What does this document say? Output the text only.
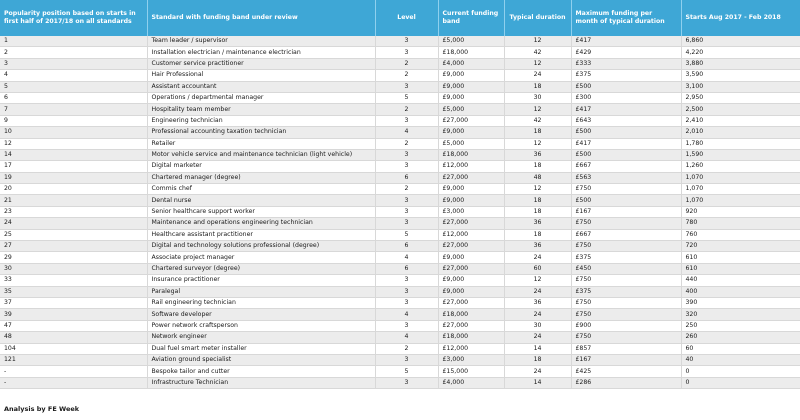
Popularity position based on starts in first half of 2017/18 on all standards	Standard with funding band under review	Level	Current funding band	Typical duration	Maximum funding per month of typical duration	Starts Aug 2017 - Feb 2018
1	Team leader / supervisor	3	£5,000	12	£417	6,860
2	Installation electrician / maintenance electrician	3	£18,000	42	£429	4,220
3	Customer service practitioner	2	£4,000	12	£333	3,880
4	Hair Professional	2	£9,000	24	£375	3,590
5	Assistant accountant	3	£9,000	18	£500	3,100
6	Operations / departmental manager	5	£9,000	30	£300	2,950
7	Hospitality team member	2	£5,000	12	£417	2,500
9	Engineering technician	3	£27,000	42	£643	2,410
10	Professional accounting taxation technician	4	£9,000	18	£500	2,010
12	Retailer	2	£5,000	12	£417	1,780
14	Motor vehicle service and maintenance technician (light vehicle)	3	£18,000	36	£500	1,590
17	Digital marketer	3	£12,000	18	£667	1,260
19	Chartered manager (degree)	6	£27,000	48	£563	1,070
20	Commis chef	2	£9,000	12	£750	1,070
21	Dental nurse	3	£9,000	18	£500	1,070
23	Senior healthcare support worker	3	£3,000	18	£167	920
24	Maintenance and operations engineering technician	3	£27,000	36	£750	780
25	Healthcare assistant practitioner	5	£12,000	18	£667	760
27	Digital and technology solutions professional (degree)	6	£27,000	36	£750	720
29	Associate project manager	4	£9,000	24	£375	610
30	Chartered surveyor (degree)	6	£27,000	60	£450	610
33	Insurance practitioner	3	£9,000	12	£750	440
35	Paralegal	3	£9,000	24	£375	400
37	Rail engineering technician	3	£27,000	36	£750	390
39	Software developer	4	£18,000	24	£750	320
47	Power network craftsperson	3	£27,000	30	£900	250
48	Network engineer	4	£18,000	24	£750	260
104	Dual fuel smart meter installer	2	£12,000	14	£857	60
121	Aviation ground specialist	3	£3,000	18	£167	40
-	Bespoke tailor and cutter	5	£15,000	24	£425	0
-	Infrastructure Technician	3	£4,000	14	£286	0
Analysis by FE Week
